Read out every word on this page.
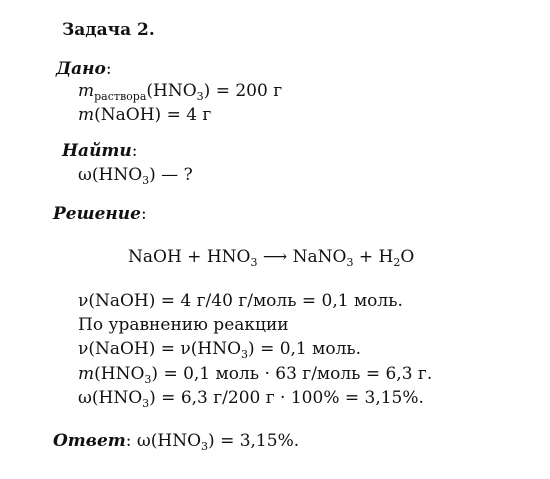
Задача 2.
Дано:
$m_{раствора}(HNO_3) = 200$ г
m(NaOH) = 4 г
Найти:
$\omega(HNO_3)$ — ?
Решение:
NaOH + $HNO_3$ ⟶ NaNO$_3$ + $H_2O$
ν(NaOH) = 4 г/40 г/моль = 0,1 моль.
По уравнению реакции
ν(NaOH) = $\nu(HNO_3) = 0,1$ моль.
$m(HNO_3) = 0,1$ моль · 63 г/моль = 6,3 г.
$\omega(HNO_3) = 6,3$ г/200 г · 100% = 3,15%.
Ответ: $\omega(HNO_3) = 3,15\%$.
